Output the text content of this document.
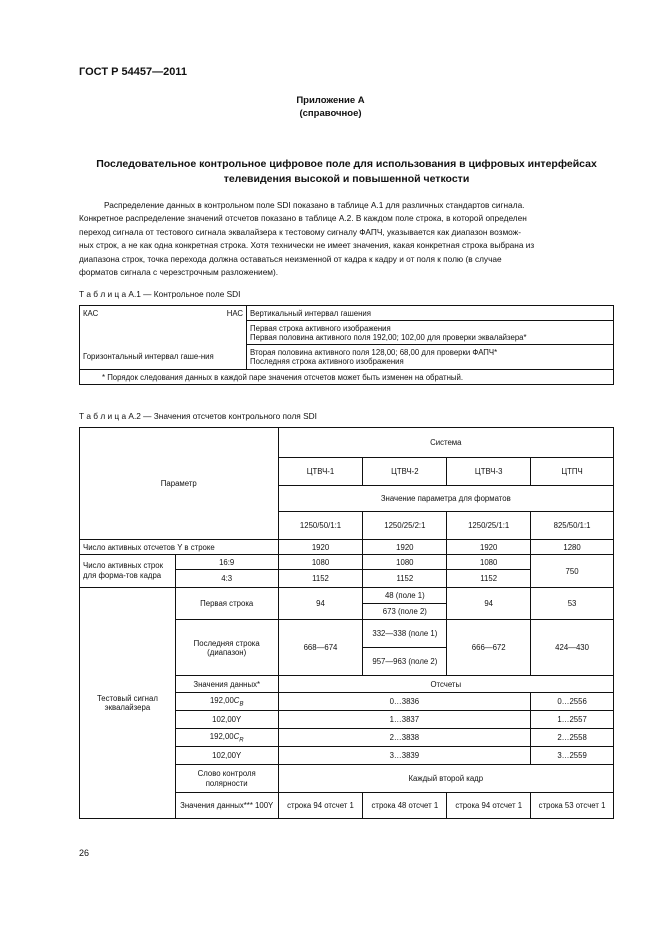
ГОСТ Р 54457—2011
Приложение А
(справочное)
Последовательное контрольное цифровое поле для использования в цифровых интерфейсах
телевидения высокой и повышенной четкости
Распределение данных в контрольном поле SDI показано в таблице А.1 для различных стандартов сигнала.
Конкретное распределение значений отсчетов показано в таблице А.2. В каждом поле строка, в которой определен
переход сигнала от тестового сигнала эквалайзера к тестовому сигналу ФАПЧ, указывается как диапазон возмож-
ных строк, а не как одна конкретная строка. Хотя технически не имеет значения, какая конкретная строка выбрана из
диапазона строк, точка перехода должна оставаться неизменной от кадра к кадру и от поля к полю (в случае
форматов сигнала с черезстрочным разложением).
Т а б л и ц а А.1 — Контрольное поле SDI
КАС НАС	Вертикальный интервал гашения

	Первая строка активного изображения
Первая половина активного поля 192,00; 102,00 для проверки эквалайзера*

Горизонтальный интервал гаше-ния	Вторая половина активного поля 128,00; 68,00 для проверки ФАПЧ*
Последняя строка активного изображения

* Порядок следования данных в каждой паре значения отсчетов может быть изменен на обратный.	
Т а б л и ц а А.2 — Значения отсчетов контрольного поля SDI
Параметр		Система			
		ЦТВЧ-1	ЦТВЧ-2	ЦТВЧ-3	ЦТПЧ
		Значение параметра для форматов			
		1250/50/1:1	1250/25/2:1	1250/25/1:1	825/50/1:1
Число активных отсчетов Y в строке		1920	1920	1920	1280
Число активных строк для форма-тов кадра	16:9	1080	1080	1080	750
	4:3	1152	1152	1152	
Тестовый сигнал эквалайзера	Первая строка	94	48 (поле 1)	94	53
			673 (поле 2)		
	Последняя строка (диапазон)	668—674	332—338 (поле 1)	666—672	424—430
			957—963 (поле 2)		
	Значения данных*	Отсчеты			
	$192,00C_B$	0…3836			0…2556
	102,00Y	1…3837			1…2557
	$192,00C_R$	2…3838			2…2558
	102,00Y	3…3839			3…2559
	Слово контроля полярности	Каждый второй кадр			
	Значения данных*** 100Y	строка 94 отсчет 1	строка 48 отсчет 1	строка 94 отсчет 1	строка 53 отсчет 1
26
